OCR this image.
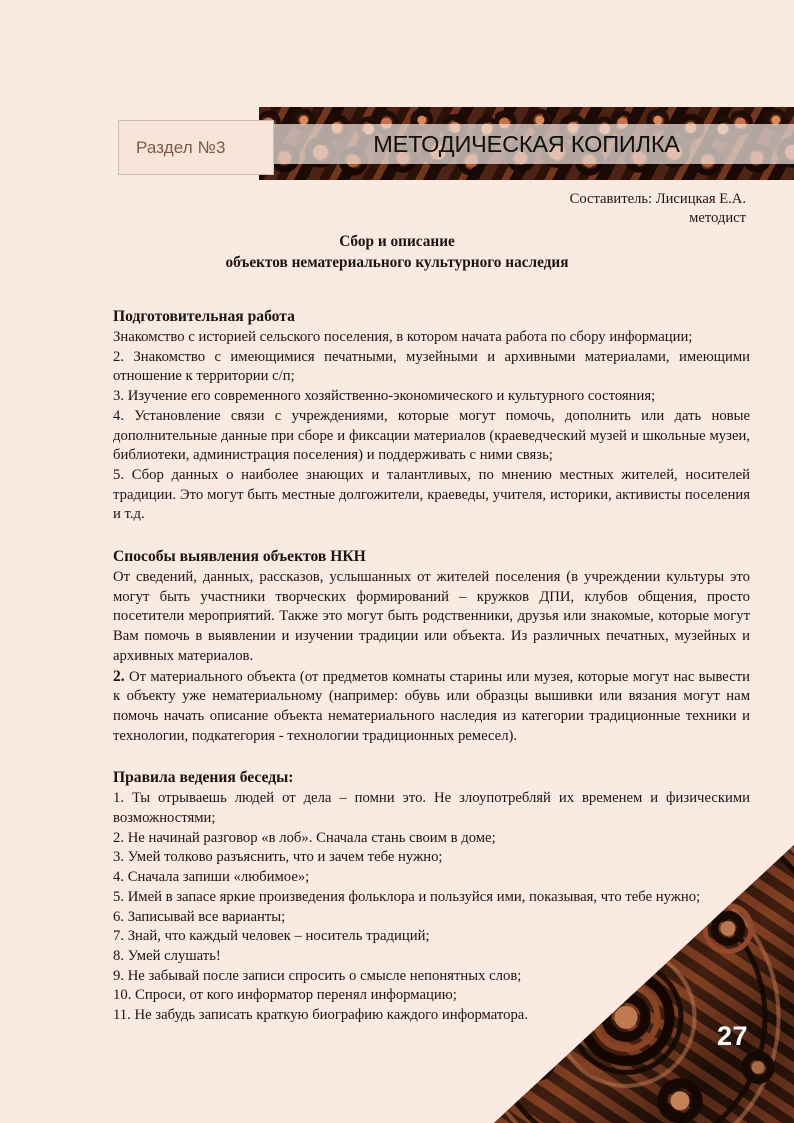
МЕТОДИЧЕСКАЯ КОПИЛКА
Раздел №3
Составитель: Лисицкая Е.А.
методист
Сбор и описание
объектов нематериального культурного наследия
Подготовительная работа

Знакомство с историей сельского поселения, в котором начата работа по сбору информации;

2. Знакомство с имеющимися печатными, музейными и архивными материалами, имеющими отношение к территории с/п;

3. Изучение его современного хозяйственно-экономического и культурного состояния;

4. Установление связи с учреждениями, которые могут помочь, дополнить или дать новые дополнительные данные при сборе и фиксации материалов (краеведческий музей и школьные музеи, библиотеки, администрация поселения) и поддерживать с ними связь;

5. Сбор данных о наиболее знающих и талантливых, по мнению местных жителей, носителей традиции. Это могут быть местные долгожители, краеведы, учителя, историки, активисты поселения и т.д.

Способы выявления объектов НКН

От сведений, данных, рассказов, услышанных от жителей поселения (в учреждении культуры это могут быть участники творческих формирований – кружков ДПИ, клубов общения, просто посетители мероприятий. Также это могут быть родственники, друзья или знакомые, которые могут Вам помочь в выявлении и изучении традиции или объекта. Из различных печатных, музейных и архивных материалов.

2. От материального объекта (от предметов комнаты старины или музея, которые могут нас вывести к объекту уже нематериальному (например: обувь или образцы вышивки или вязания могут нам помочь начать описание объекта нематериального наследия из категории традиционные техники и технологии, подкатегория - технологии традиционных ремесел).

Правила ведения беседы:

1. Ты отрываешь людей от дела – помни это. Не злоупотребляй их временем и физическими возможностями;

2. Не начинай разговор «в лоб». Сначала стань своим в доме;

3. Умей толково разъяснить, что и зачем тебе нужно;

4. Сначала запиши «любимое»;

5. Имей в запасе яркие произведения фольклора и пользуйся ими, показывая, что тебе нужно;

6. Записывай все варианты;

7. Знай, что каждый человек – носитель традиций;

8. Умей слушать!

9. Не забывай после записи спросить о смысле непонятных слов;

10. Спроси, от кого информатор перенял информацию;

11. Не забудь записать краткую биографию каждого информатора.

27
